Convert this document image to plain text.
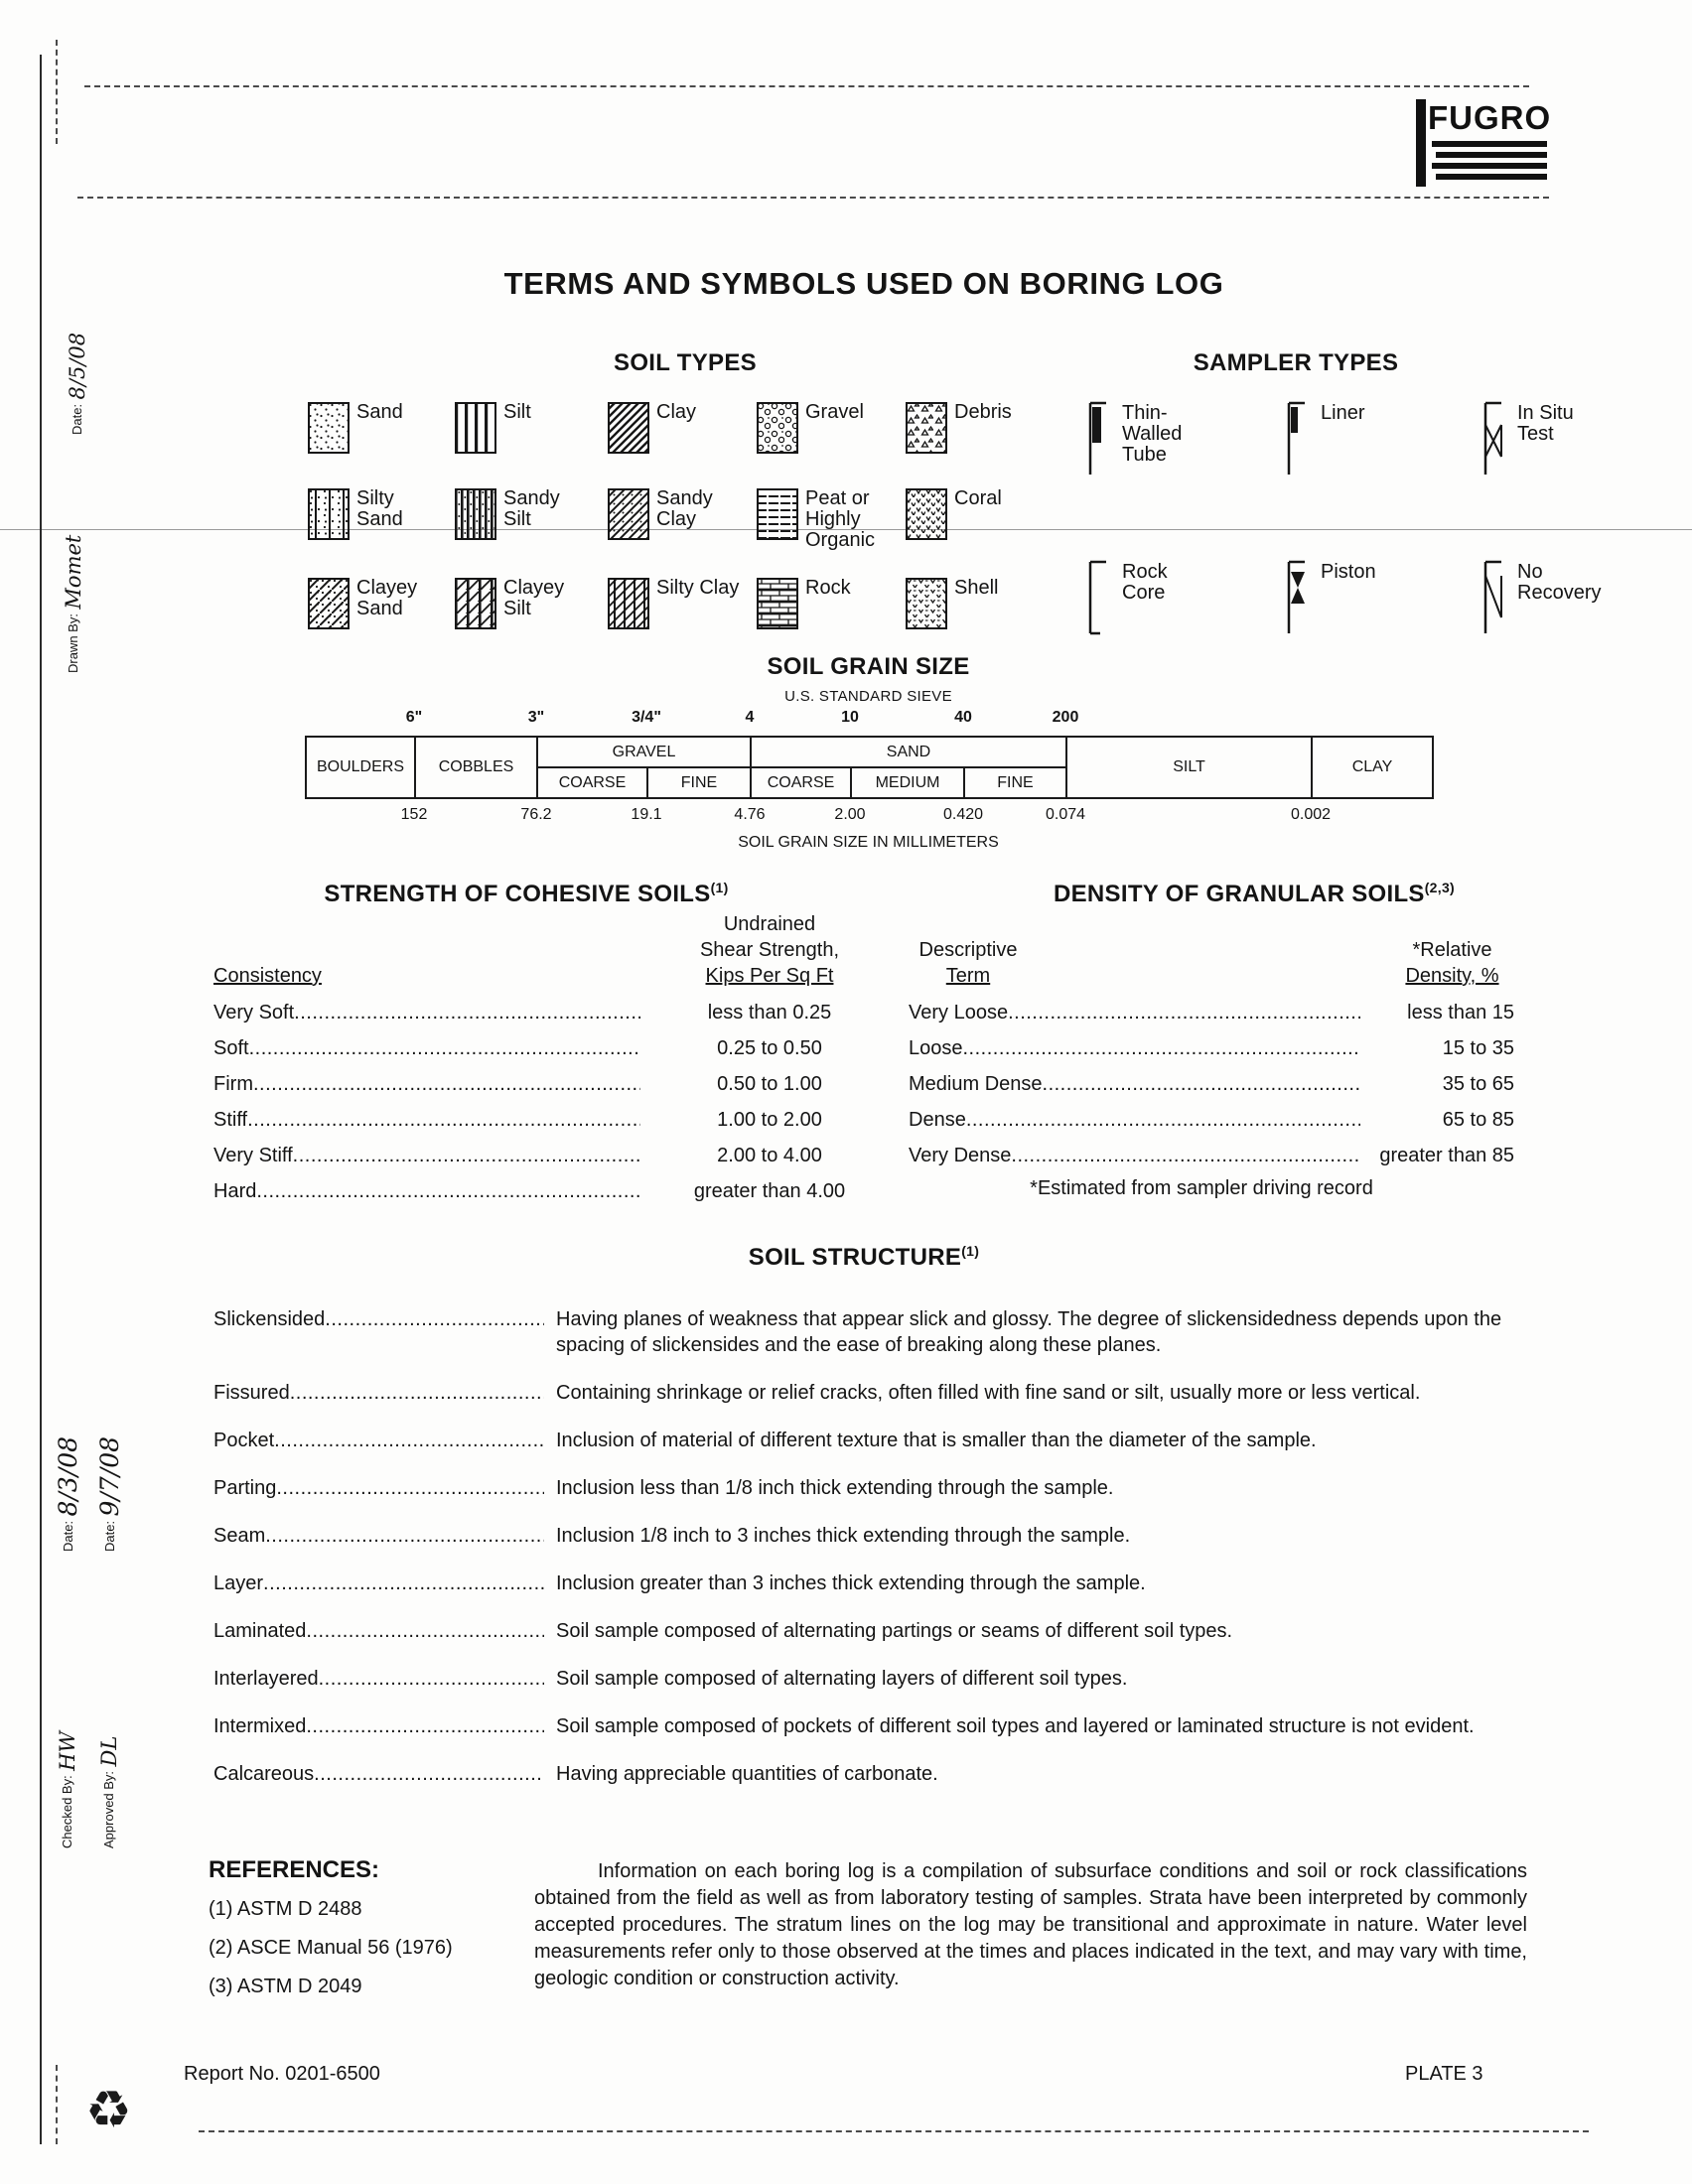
FUGRO
Date: 8/5/08
Drawn By: Momet
Date: 8/3/08
Date: 9/7/08
Checked By: HW
Approved By: DL
♻
TERMS AND SYMBOLS USED ON BORING LOG
SOIL TYPES
Sand	Silt	Clay	Gravel	Debris
Silty Sand
Sandy Silt
Sandy Clay
Peat or Highly Organic
Coral
Clayey Sand
Clayey Silt
Silty Clay	Rock	Shell
SAMPLER TYPES
Thin-Walled Tube
Liner	In Situ Test
Rock Core
Piston	No Recovery
SOIL GRAIN SIZE
U.S. STANDARD SIEVE
6"	3"	3/4"	4	10	40	200
BOULDERS	COBBLES	GRAVEL		SAND			SILT	CLAY
		COARSE	FINE	COARSE	MEDIUM	FINE		
152	76.2	19.1	4.76	2.00	0.420	0.074	0.002
SOIL GRAIN SIZE IN MILLIMETERS
STRENGTH OF COHESIVE SOILS$^{(1)}$
Undrained
Shear Strength,
Kips Per Sq Ft
Consistency
Very Soft .....	less than 0.25
Soft .....	0.25 to 0.50
Firm .....	0.50 to 1.00
Stiff .....	1.00 to 2.00
Very Stiff .....	2.00 to 4.00
Hard .....	greater than 4.00
DENSITY OF GRANULAR SOILS$^{(2,3)}$
Descriptive
Term
*Relative
Density, %
Very Loose .....	less than 15
Loose .....	15 to 35
Medium Dense .....	35 to 65
Dense .....	65 to 85
Very Dense .....	greater than 85
*Estimated from sampler driving record
SOIL STRUCTURE$^{(1)}$
Slickensided .....	Having planes of weakness that appear slick and glossy. The degree of slickensidedness depends upon the spacing of slickensides and the ease of breaking along these planes.
Fissured .....	Containing shrinkage or relief cracks, often filled with fine sand or silt, usually more or less vertical.
Pocket .....	Inclusion of material of different texture that is smaller than the diameter of the sample.
Parting .....	Inclusion less than 1/8 inch thick extending through the sample.
Seam .....	Inclusion 1/8 inch to 3 inches thick extending through the sample.
Layer .....	Inclusion greater than 3 inches thick extending through the sample.
Laminated .....	Soil sample composed of alternating partings or seams of different soil types.
Interlayered .....	Soil sample composed of alternating layers of different soil types.
Intermixed .....	Soil sample composed of pockets of different soil types and layered or laminated structure is not evident.
Calcareous .....	Having appreciable quantities of carbonate.
REFERENCES:
(1) ASTM D 2488
(2) ASCE Manual 56 (1976)
(3) ASTM D 2049
Information on each boring log is a compilation of subsurface conditions and soil or rock classifications obtained from the field as well as from laboratory testing of samples. Strata have been interpreted by commonly accepted procedures. The stratum lines on the log may be transitional and approximate in nature. Water level measurements refer only to those observed at the times and places indicated in the text, and may vary with time, geologic condition or construction activity.
Report No. 0201-6500	PLATE 3
